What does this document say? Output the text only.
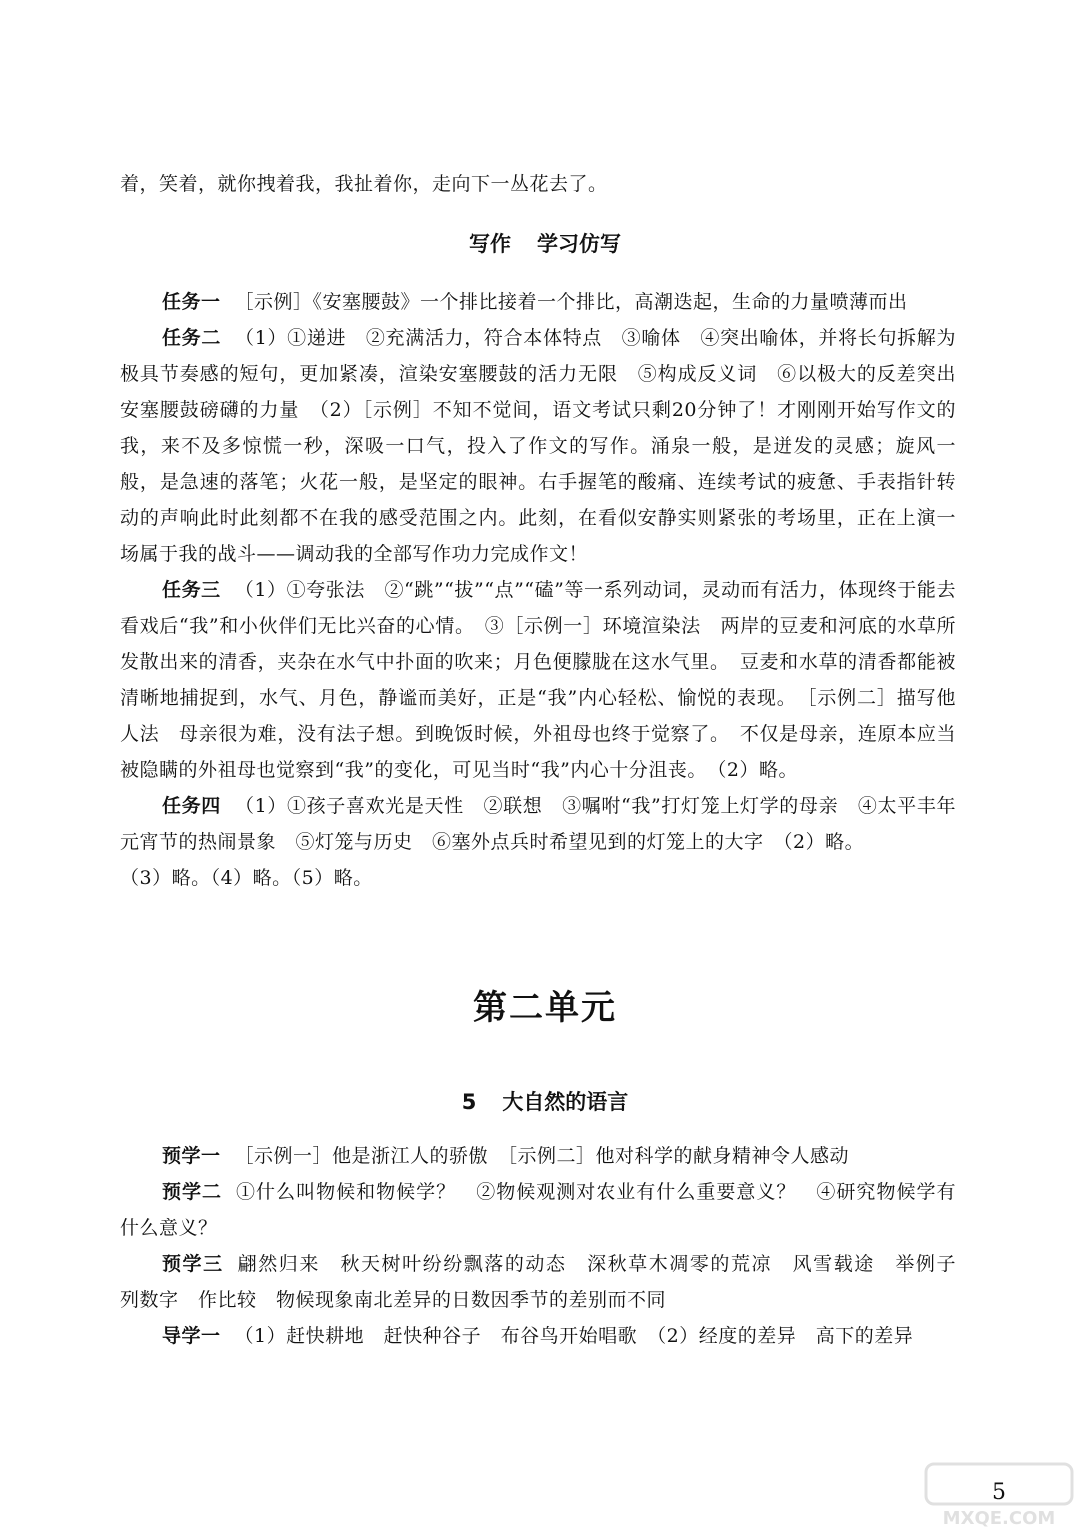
着，笑着，就你拽着我，我扯着你，走向下一丛花去了。

写作 学习仿写

任务一 ［示例］《安塞腰鼓》一个排比接着一个排比，高潮迭起，生命的力量喷薄而出

任务二 （1）①递进　②充满活力，符合本体特点　③喻体　④突出喻体，并将长句拆解为极具节奏感的短句，更加紧凑，渲染安塞腰鼓的活力无限　⑤构成反义词　⑥以极大的反差突出安塞腰鼓磅礴的力量　（2）［示例］不知不觉间，语文考试只剩20分钟了！才刚刚开始写作文的我，来不及多惊慌一秒，深吸一口气，投入了作文的写作。涌泉一般，是迸发的灵感；旋风一般，是急速的落笔；火花一般，是坚定的眼神。右手握笔的酸痛、连续考试的疲惫、手表指针转动的声响此时此刻都不在我的感受范围之内。此刻，在看似安静实则紧张的考场里，正在上演一场属于我的战斗——调动我的全部写作功力完成作文！

任务三 （1）①夸张法　②“跳”“拔”“点”“磕”等一系列动词，灵动而有活力，体现终于能去看戏后“我”和小伙伴们无比兴奋的心情。　③［示例一］环境渲染法　两岸的豆麦和河底的水草所发散出来的清香，夹杂在水气中扑面的吹来；月色便朦胧在这水气里。　豆麦和水草的清香都能被清晰地捕捉到，水气、月色，静谧而美好，正是“我”内心轻松、愉悦的表现。　［示例二］描写他人法　母亲很为难，没有法子想。到晚饭时候，外祖母也终于觉察了。　不仅是母亲，连原本应当被隐瞒的外祖母也觉察到“我”的变化，可见当时“我”内心十分沮丧。　（2）略。

任务四 （1）①孩子喜欢光是天性　②联想　③嘱咐“我”打灯笼上灯学的母亲　④太平丰年元宵节的热闹景象　⑤灯笼与历史　⑥塞外点兵时希望见到的灯笼上的大字　（2）略。

（3）略。（4）略。（5）略。

第二单元
5 大自然的语言

预学一 ［示例一］他是浙江人的骄傲　［示例二］他对科学的献身精神令人感动

预学二 ①什么叫物候和物候学？　②物候观测对农业有什么重要意义？　④研究物候学有什么意义？

预学三 翩然归来　秋天树叶纷纷飘落的动态　深秋草木凋零的荒凉　风雪载途　举例子　列数字　作比较　物候现象南北差异的日数因季节的差别而不同

导学一 （1）赶快耕地　赶快种谷子　布谷鸟开始唱歌　（2）经度的差异　高下的差异

MXQE.COM
5
